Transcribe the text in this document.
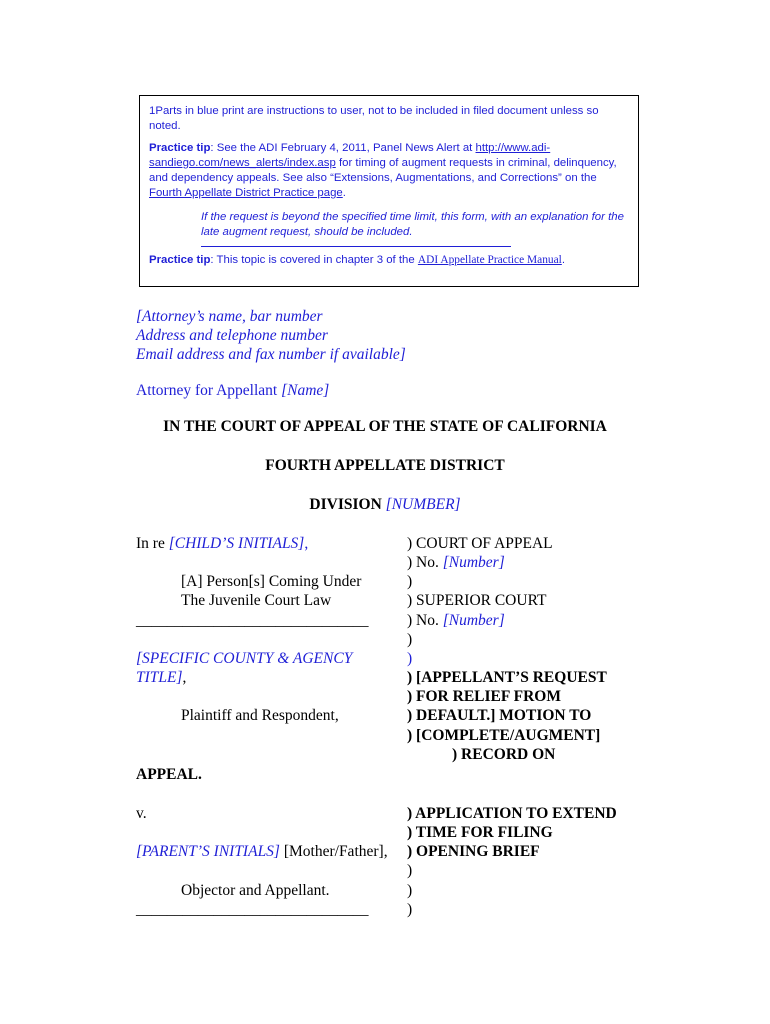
1Parts in blue print are instructions to user, not to be included in filed document unless so noted.

Practice tip: See the ADI February 4, 2011, Panel News Alert at http://www.adi-sandiego.com/news_alerts/index.asp for timing of augment requests in criminal, delinquency, and dependency appeals. See also “Extensions, Augmentations, and Corrections” on the Fourth Appellate District Practice page.

If the request is beyond the specified time limit, this form, with an explanation for the late augment request, should be included.

Practice tip: This topic is covered in chapter 3 of the ADI Appellate Practice Manual.

[Attorney’s name, bar number
Address and telephone number
Email address and fax number if available]
Attorney for Appellant [Name]
IN THE COURT OF APPEAL OF THE STATE OF CALIFORNIA
FOURTH APPELLATE DISTRICT
DIVISION [NUMBER]
In re [CHILD’S INITIALS],
[A] Person[s] Coming Under
The Juvenile Court Law
______________________________
[SPECIFIC COUNTY & AGENCY
TITLE],
Plaintiff and Respondent,
APPEAL.
v.
[PARENT’S INITIALS] [Mother/Father],
Objector and Appellant.
______________________________
) COURT OF APPEAL
) No. [Number]
)
) SUPERIOR COURT
) No. [Number]
)
)
) [APPELLANT’S REQUEST
) FOR RELIEF FROM
) DEFAULT.] MOTION TO
) [COMPLETE/AUGMENT]
) RECORD ON
) APPLICATION TO EXTEND
) TIME FOR FILING
) OPENING BRIEF
)
)
)
